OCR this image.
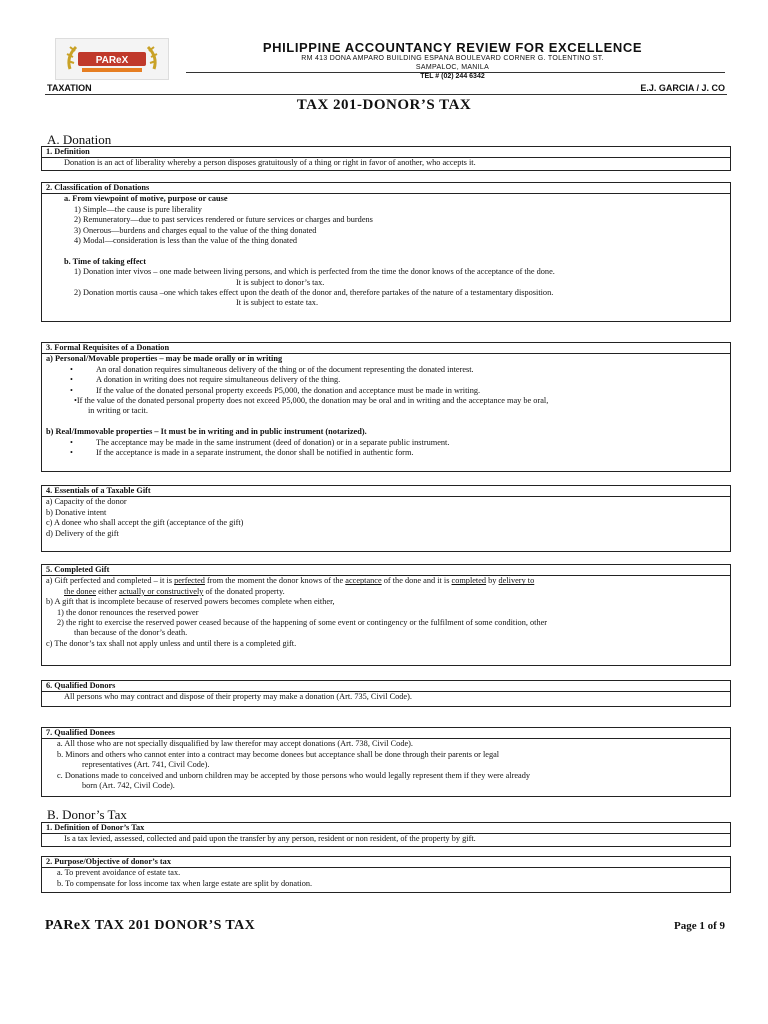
PAReX
PHILIPPINE ACCOUNTANCY REVIEW FOR EXCELLENCE
RM 413 DONA AMPARO BUILDING ESPANA BOULEVARD CORNER G. TOLENTINO ST.
SAMPALOC, MANILA
TEL # (02) 244 6342
TAXATION	E.J. GARCIA / J. CO
TAX 201-DONOR’S TAX
A. Donation
1. Definition
Donation is an act of liberality whereby a person disposes gratuitously of a thing or right in favor of another, who accepts it.
2. Classification of Donations
a. From viewpoint of motive, purpose or cause
1) Simple—the cause is pure liberality
2) Remuneratory—due to past services rendered or future services or charges and burdens
3) Onerous—burdens and charges equal to the value of the thing donated
4) Modal—consideration is less than the value of the thing donated
b. Time of taking effect
1) Donation inter vivos – one made between living persons, and which is perfected from the time the donor knows of the acceptance of the done.
It is subject to donor’s tax.
2) Donation mortis causa –one which takes effect upon the death of the donor and, therefore partakes of the nature of a testamentary disposition.
It is subject to estate tax.
3. Formal Requisites of a Donation
a) Personal/Movable properties – may be made orally or in writing
• An oral donation requires simultaneous delivery of the thing or of the document representing the donated interest.
• A donation in writing does not require simultaneous delivery of the thing.
• If the value of the donated personal property exceeds P5,000, the donation and acceptance must be made in writing.
•If the value of the donated personal property does not exceed P5,000, the donation may be oral and in writing and the acceptance may be oral,
in writing or tacit.
b) Real/Immovable properties – It must be in writing and in public instrument (notarized).
• The acceptance may be made in the same instrument (deed of donation) or in a separate public instrument.
• If the acceptance is made in a separate instrument, the donor shall be notified in authentic form.
4. Essentials of a Taxable Gift
a) Capacity of the donor
b) Donative intent
c) A donee who shall accept the gift (acceptance of the gift)
d) Delivery of the gift
5. Completed Gift
a) Gift perfected and completed – it is perfected from the moment the donor knows of the acceptance of the done and it is completed by delivery to
the donee either actually or constructively of the donated property.
b) A gift that is incomplete because of reserved powers becomes complete when either,
1) the donor renounces the reserved power
2) the right to exercise the reserved power ceased because of the happening of some event or contingency or the fulfilment of some condition, other
than because of the donor’s death.
c) The donor’s tax shall not apply unless and until there is a completed gift.
6. Qualified Donors
All persons who may contract and dispose of their property may make a donation (Art. 735, Civil Code).
7. Qualified Donees
a. All those who are not specially disqualified by law therefor may accept donations (Art. 738, Civil Code).
b. Minors and others who cannot enter into a contract may become donees but acceptance shall be done through their parents or legal
representatives (Art. 741, Civil Code).
c. Donations made to conceived and unborn children may be accepted by those persons who would legally represent them if they were already
born (Art. 742, Civil Code).
B. Donor’s Tax
1. Definition of Donor’s Tax
Is a tax levied, assessed, collected and paid upon the transfer by any person, resident or non resident, of the property by gift.
2. Purpose/Objective of donor’s tax
a. To prevent avoidance of estate tax.
b. To compensate for loss income tax when large estate are split by donation.
PAReX TAX 201 DONOR’S TAX	Page 1 of 9
